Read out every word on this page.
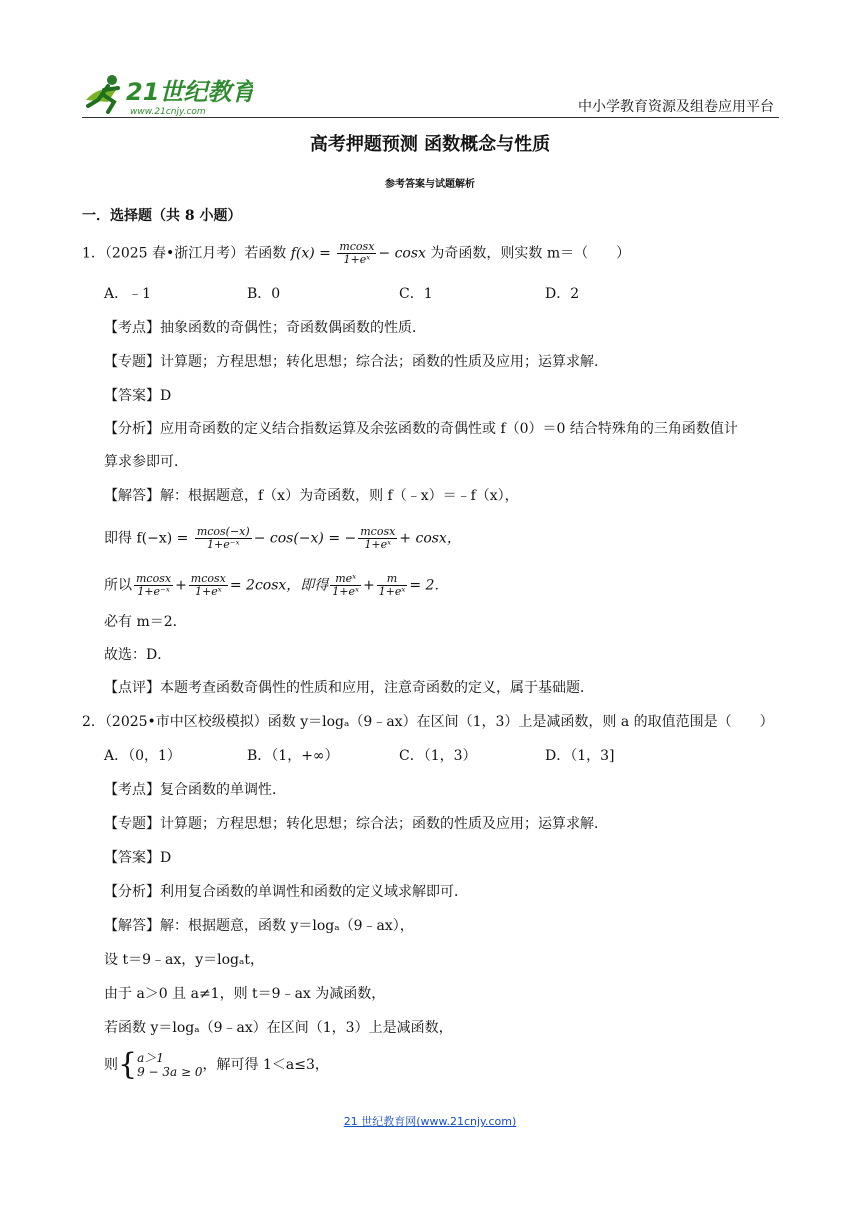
21世纪教育
www.21cnjy.com	中小学教育资源及组卷应用平台
高考押题预测 函数概念与性质
参考答案与试题解析
一．选择题（共 8 小题）
1．（2025 春•浙江月考）若函数 $f(x) = \frac{mcosx}{\text{1+eˣ}} - \cos x$ 为奇函数，则实数 m＝（　　）
A．﹣1	B．0	C．1	D．2
【考点】抽象函数的奇偶性；奇函数偶函数的性质．
【专题】计算题；方程思想；转化思想；综合法；函数的性质及应用；运算求解．
【答案】D
【分析】应用奇函数的定义结合指数运算及余弦函数的奇偶性或 f（0）＝0 结合特殊角的三角函数值计
算求参即可．
【解答】解：根据题意，f（x）为奇函数，则 f（﹣x）＝﹣f（x），
即得 $f(-x) = \frac{mcos(-x)}{\text{1+e⁻ˣ}} - \cos(-x)$ = − $\frac{mcosx}{\text{1+eˣ}} + \cos x$，
所以 $\frac{mcosx}{\text{1+e⁻ˣ}} + \frac{mcosx}{\text{1+eˣ}} = 2\cos x$，即得 $\frac{\text{meˣ}}{\text{1+eˣ}} + \frac{m}{\text{1+eˣ}} = 2$．
必有 m＝2．
故选：D．
【点评】本题考查函数奇偶性的性质和应用，注意奇函数的定义，属于基础题．
2．（2025•市中区校级模拟）函数 y＝logₐ（9﹣ax）在区间（1，3）上是减函数，则 a 的取值范围是（　　）
A．（0，1）	B．（1，+∞）	C．（1，3）	D．（1，3]
【考点】复合函数的单调性．
【专题】计算题；方程思想；转化思想；综合法；函数的性质及应用；运算求解．
【答案】D
【分析】利用复合函数的单调性和函数的定义域求解即可．
【解答】解：根据题意，函数 y＝logₐ（9﹣ax），
设 t＝9﹣ax，y＝logₐt，
由于 a＞0 且 a≠1，则 t＝9﹣ax 为减函数，
若函数 y＝logₐ（9﹣ax）在区间（1，3）上是减函数，
则{ a＞1
9 − 3a ≥ 0 ，解可得 1＜a≤3，
21 世纪教育网(www.21cnjy.com)
